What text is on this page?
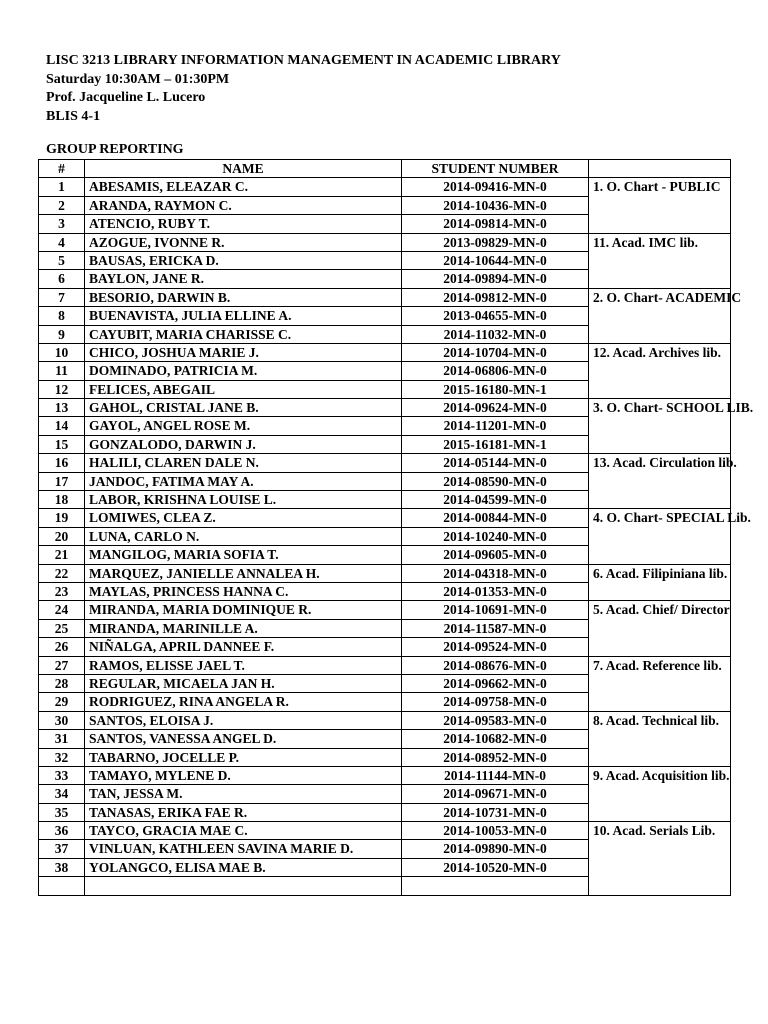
LISC 3213 LIBRARY INFORMATION MANAGEMENT IN ACADEMIC LIBRARY
Saturday 10:30AM – 01:30PM
Prof. Jacqueline L. Lucero
BLIS 4-1
GROUP REPORTING
#	NAME	STUDENT NUMBER		
1	ABESAMIS, ELEAZAR C.	2014-09416-MN-0	1. O. Chart - PUBLIC	
2	ARANDA, RAYMON C.	2014-10436-MN-0		
3	ATENCIO, RUBY T.	2014-09814-MN-0		
4	AZOGUE, IVONNE R.	2013-09829-MN-0	11. Acad. IMC lib.	
5	BAUSAS, ERICKA D.	2014-10644-MN-0		
6	BAYLON, JANE R.	2014-09894-MN-0		
7	BESORIO, DARWIN B.	2014-09812-MN-0	2. O. Chart- ACADEMIC	
8	BUENAVISTA, JULIA ELLINE A.	2013-04655-MN-0		
9	CAYUBIT, MARIA CHARISSE C.	2014-11032-MN-0		
10	CHICO, JOSHUA MARIE J.	2014-10704-MN-0	12. Acad. Archives lib.	
11	DOMINADO, PATRICIA M.	2014-06806-MN-0		
12	FELICES, ABEGAIL	2015-16180-MN-1		
13	GAHOL, CRISTAL JANE B.	2014-09624-MN-0	3. O. Chart- SCHOOL LIB.	
14	GAYOL, ANGEL ROSE M.	2014-11201-MN-0		
15	GONZALODO, DARWIN J.	2015-16181-MN-1		
16	HALILI, CLAREN DALE N.	2014-05144-MN-0	13. Acad. Circulation lib.	
17	JANDOC, FATIMA MAY A.	2014-08590-MN-0		
18	LABOR, KRISHNA LOUISE L.	2014-04599-MN-0		
19	LOMIWES, CLEA Z.	2014-00844-MN-0	4. O. Chart- SPECIAL Lib.	
20	LUNA, CARLO N.	2014-10240-MN-0		
21	MANGILOG, MARIA SOFIA T.	2014-09605-MN-0		
22	MARQUEZ, JANIELLE ANNALEA H.	2014-04318-MN-0	6. Acad. Filipiniana lib.	
23	MAYLAS, PRINCESS HANNA C.	2014-01353-MN-0		
24	MIRANDA, MARIA DOMINIQUE R.	2014-10691-MN-0	5. Acad. Chief/ Director	
25	MIRANDA, MARINILLE A.	2014-11587-MN-0		
26	NIÑALGA, APRIL DANNEE F.	2014-09524-MN-0		
27	RAMOS, ELISSE JAEL T.	2014-08676-MN-0	7. Acad. Reference lib.	
28	REGULAR, MICAELA JAN H.	2014-09662-MN-0		
29	RODRIGUEZ, RINA ANGELA R.	2014-09758-MN-0		
30	SANTOS, ELOISA J.	2014-09583-MN-0	8. Acad. Technical lib.	
31	SANTOS, VANESSA ANGEL D.	2014-10682-MN-0		
32	TABARNO, JOCELLE P.	2014-08952-MN-0		
33	TAMAYO, MYLENE D.	2014-11144-MN-0	9. Acad. Acquisition lib.	
34	TAN, JESSA M.	2014-09671-MN-0		
35	TANASAS, ERIKA FAE R.	2014-10731-MN-0		
36	TAYCO, GRACIA MAE C.	2014-10053-MN-0	10. Acad. Serials Lib.	
37	VINLUAN, KATHLEEN SAVINA MARIE D.	2014-09890-MN-0		
38	YOLANGCO, ELISA MAE B.	2014-10520-MN-0		
